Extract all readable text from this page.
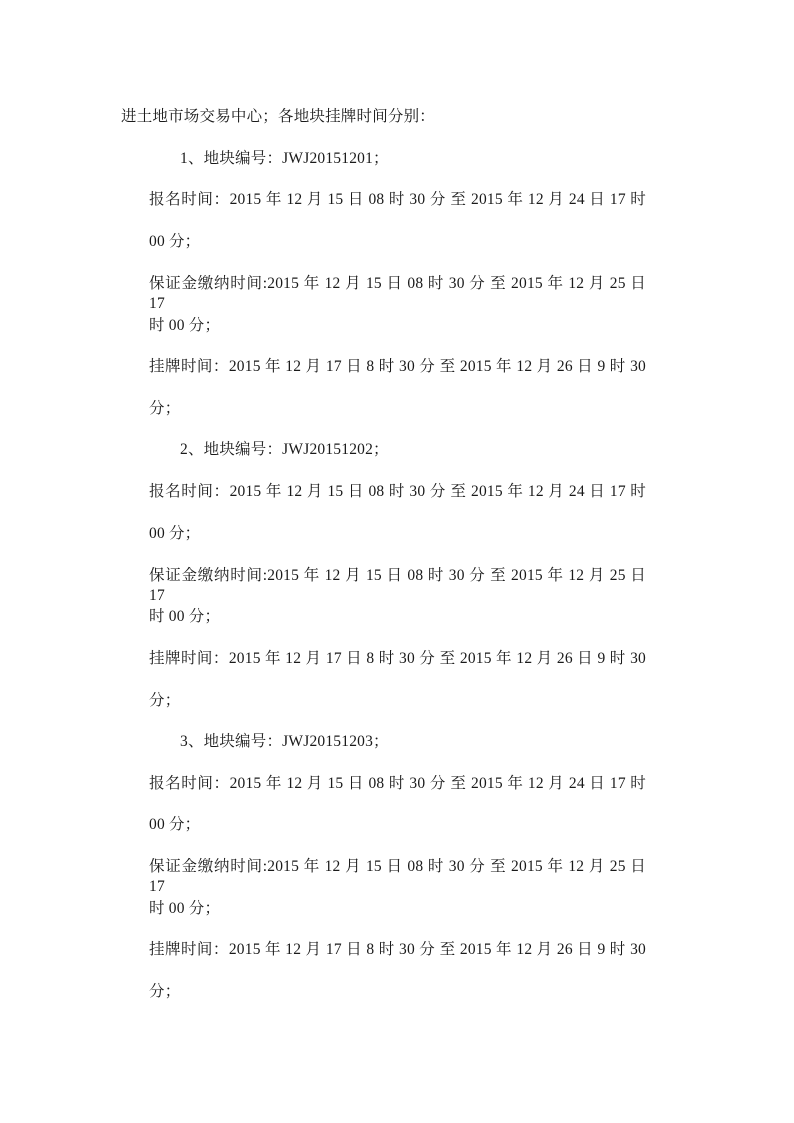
进土地市场交易中心；各地块挂牌时间分别：
1、地块编号：JWJ20151201；
报名时间：2015 年 12 月 15 日 08 时 30 分 至 2015 年 12 月 24 日 17 时
00 分；
保证金缴纳时间:2015 年 12 月 15 日 08 时 30 分 至 2015 年 12 月 25 日 17
时 00 分；
挂牌时间：2015 年 12 月 17 日 8 时 30 分 至 2015 年 12 月 26 日 9 时 30
分；
2、地块编号：JWJ20151202；
报名时间：2015 年 12 月 15 日 08 时 30 分 至 2015 年 12 月 24 日 17 时
00 分；
保证金缴纳时间:2015 年 12 月 15 日 08 时 30 分 至 2015 年 12 月 25 日 17
时 00 分；
挂牌时间：2015 年 12 月 17 日 8 时 30 分 至 2015 年 12 月 26 日 9 时 30
分；
3、地块编号：JWJ20151203；
报名时间：2015 年 12 月 15 日 08 时 30 分 至 2015 年 12 月 24 日 17 时
00 分；
保证金缴纳时间:2015 年 12 月 15 日 08 时 30 分 至 2015 年 12 月 25 日 17
时 00 分；
挂牌时间：2015 年 12 月 17 日 8 时 30 分 至 2015 年 12 月 26 日 9 时 30
分；
